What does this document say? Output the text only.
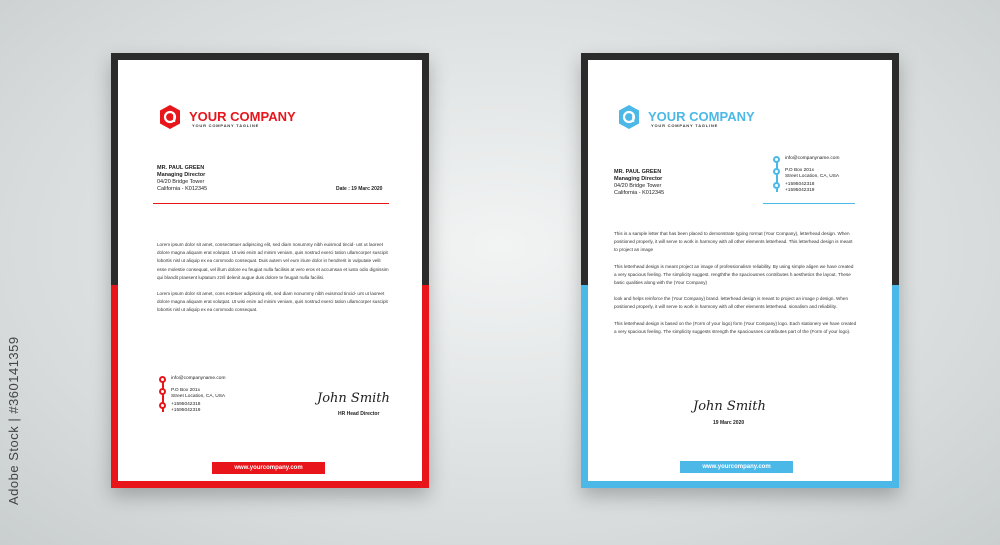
Adobe Stock | #360141359
YOUR COMPANY
YOUR COMPANY TAGLINE
MR. PAUL GREEN
Managing Director
04/20 Bridge Tower
California - K012345	Date : 19 Marc 2020

Lorem ipsum dolor sit amet, consectetuer adipiscing elit, sed diam nonummy nibh euismod tincid- unt ut laoreet dolore magna aliquam erat volutpat. Ut wisi enim ad minim veniam, quis nostrud exerci tation ullamcorper suscipit lobortis nisl ut aliquip ex ea commodo consequat. Duis autem vel eum iriure dolor in hendrerit in vulputate velit esse molestie consequat, vel illum dolore eu feugiat nulla facilisis at vero eros et accumsan et iusto odio dignissim qui blandit praesent luptatum zzril delenit augue duis dolore te feugait nulla facilisi.

Lorem ipsum dolor sit amet, cons ectetuer adipiscing elit, sed diam nonummy nibh euismod tincid- unt ut laoreet dolore magna aliquam erat volutpat. Ut wisi enim ad minim veniam, quis nostrud exerci tation ullamcorper suscipit lobortis nisl ut aliquip ex ea commodo consequat.

info@companyname.com
P.O Box 201x
Street Location, CA, USA
+1595042318
+1595042319
John Smith
HR Head Director
www.yourcompany.com
YOUR COMPANY
YOUR COMPANY TAGLINE
MR. PAUL GREEN
Managing Director
04/20 Bridge Tower
California - K012345
info@companyname.com
P.O Box 201x
Street Location, CA, USA
+1595042318
+1595042319

This is a sample letter that has been placed to demonstrate typing rormat (Your Company), letterhead design. When positioned properly, it will serve to work in harmony with all other elements letterhead. This letterhead design is meant to project an image

This letterhead design is meant project an image of professionalism reliability. By using simple aligen we have created a very spacious feeling. The simplicity suggest. rengththe the spaciousnes contributes h aesthetics the layout. These basic qualities along with the (Your Company)

look and helps reinforce the (Your Company) brand. letterhead design is meant to project an image p design. When positioned properly, it will serve to work in harmony with all other elements letterhead. sionalism and reliability.

This letterhead design is based on the (Form of your logo) form (Your Company) logo. Each stationery we have created a very spacious feeling. The simplicity suggests strength the spaciousnes contributes part of the (Form of your logo).

John Smith
19 Marc 2020
www.yourcompany.com
